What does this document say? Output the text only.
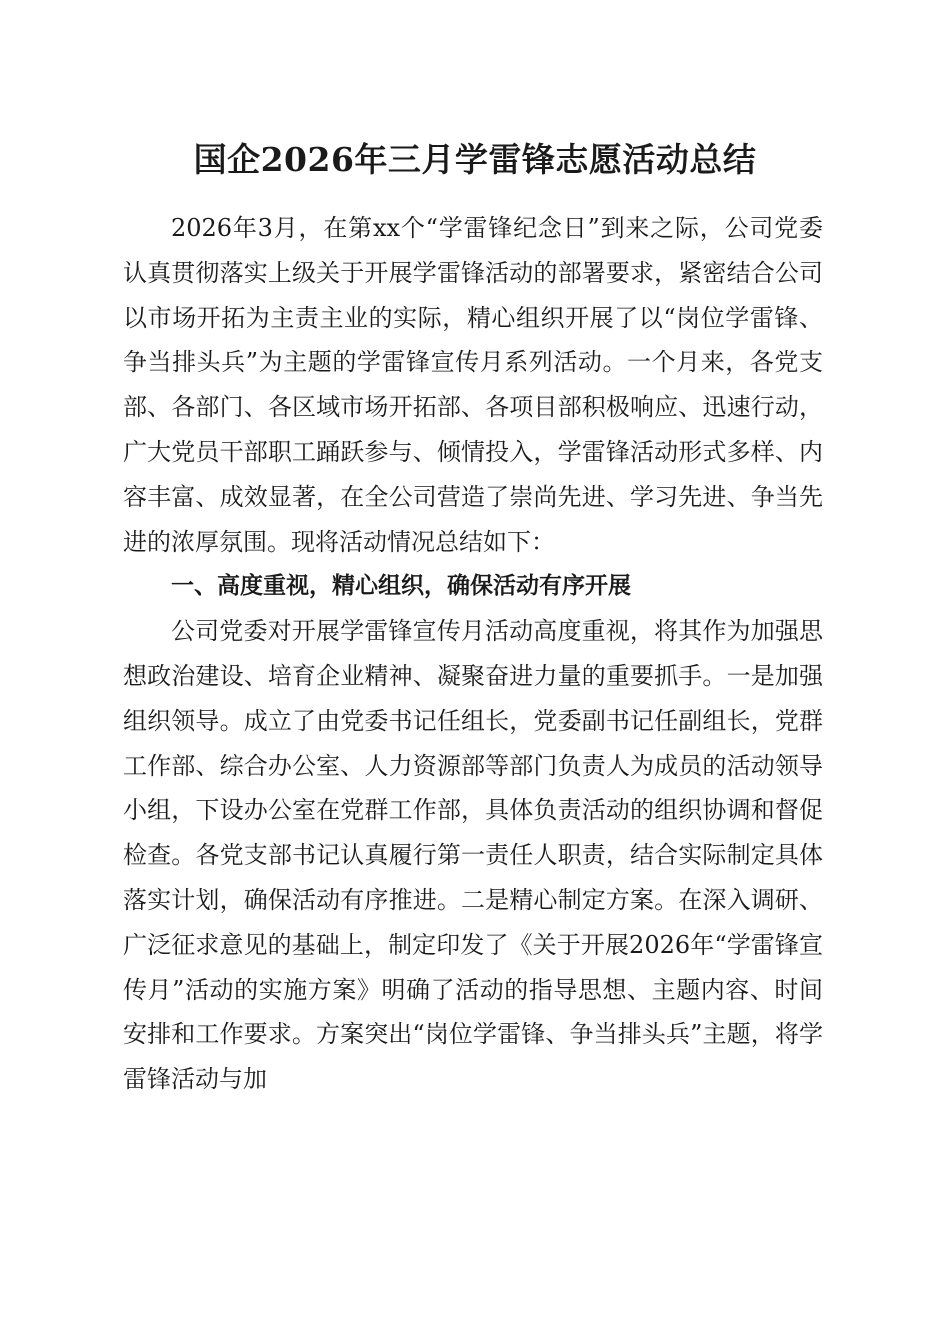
国企2026年三月学雷锋志愿活动总结

2026年3月，在第xx个“学雷锋纪念日”到来之际，公司党委认真贯彻落实上级关于开展学雷锋活动的部署要求，紧密结合公司以市场开拓为主责主业的实际，精心组织开展了以“岗位学雷锋、争当排头兵”为主题的学雷锋宣传月系列活动。一个月来，各党支部、各部门、各区域市场开拓部、各项目部积极响应、迅速行动，广大党员干部职工踊跃参与、倾情投入，学雷锋活动形式多样、内容丰富、成效显著，在全公司营造了崇尚先进、学习先进、争当先进的浓厚氛围。现将活动情况总结如下：

一、高度重视，精心组织，确保活动有序开展

公司党委对开展学雷锋宣传月活动高度重视，将其作为加强思想政治建设、培育企业精神、凝聚奋进力量的重要抓手。一是加强组织领导。成立了由党委书记任组长，党委副书记任副组长，党群工作部、综合办公室、人力资源部等部门负责人为成员的活动领导小组，下设办公室在党群工作部，具体负责活动的组织协调和督促检查。各党支部书记认真履行第一责任人职责，结合实际制定具体落实计划，确保活动有序推进。二是精心制定方案。在深入调研、广泛征求意见的基础上，制定印发了《关于开展2026年“学雷锋宣传月”活动的实施方案》明确了活动的指导思想、主题内容、时间安排和工作要求。方案突出“岗位学雷锋、争当排头兵”主题，将学雷锋活动与加
